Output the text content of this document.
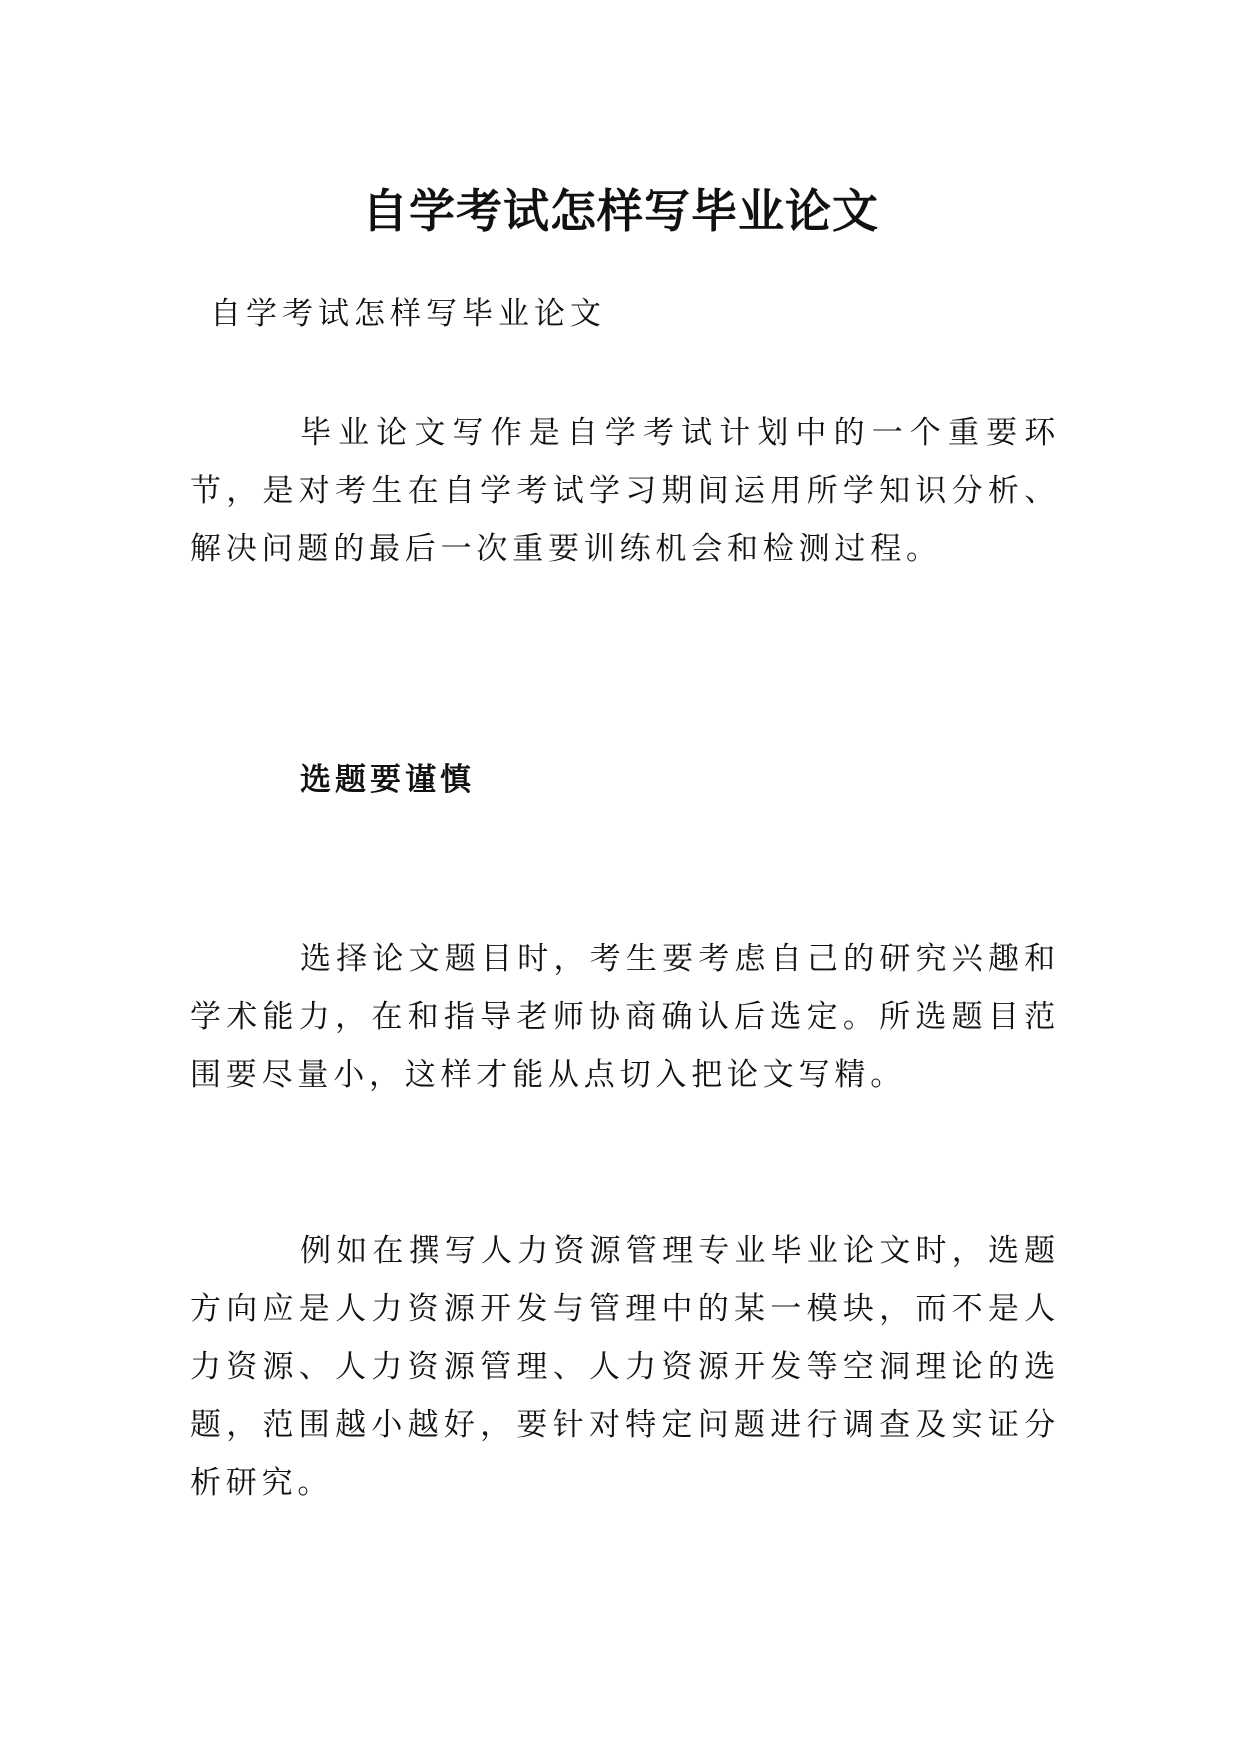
自学考试怎样写毕业论文
自学考试怎样写毕业论文

毕业论文写作是自学考试计划中的一个重要环节，是对考生在自学考试学习期间运用所学知识分析、解决问题的最后一次重要训练机会和检测过程。

选题要谨慎

选择论文题目时，考生要考虑自己的研究兴趣和学术能力，在和指导老师协商确认后选定。所选题目范围要尽量小，这样才能从点切入把论文写精。

例如在撰写人力资源管理专业毕业论文时，选题方向应是人力资源开发与管理中的某一模块，而不是人力资源、人力资源管理、人力资源开发等空洞理论的选题，范围越小越好，要针对特定问题进行调查及实证分析研究。
